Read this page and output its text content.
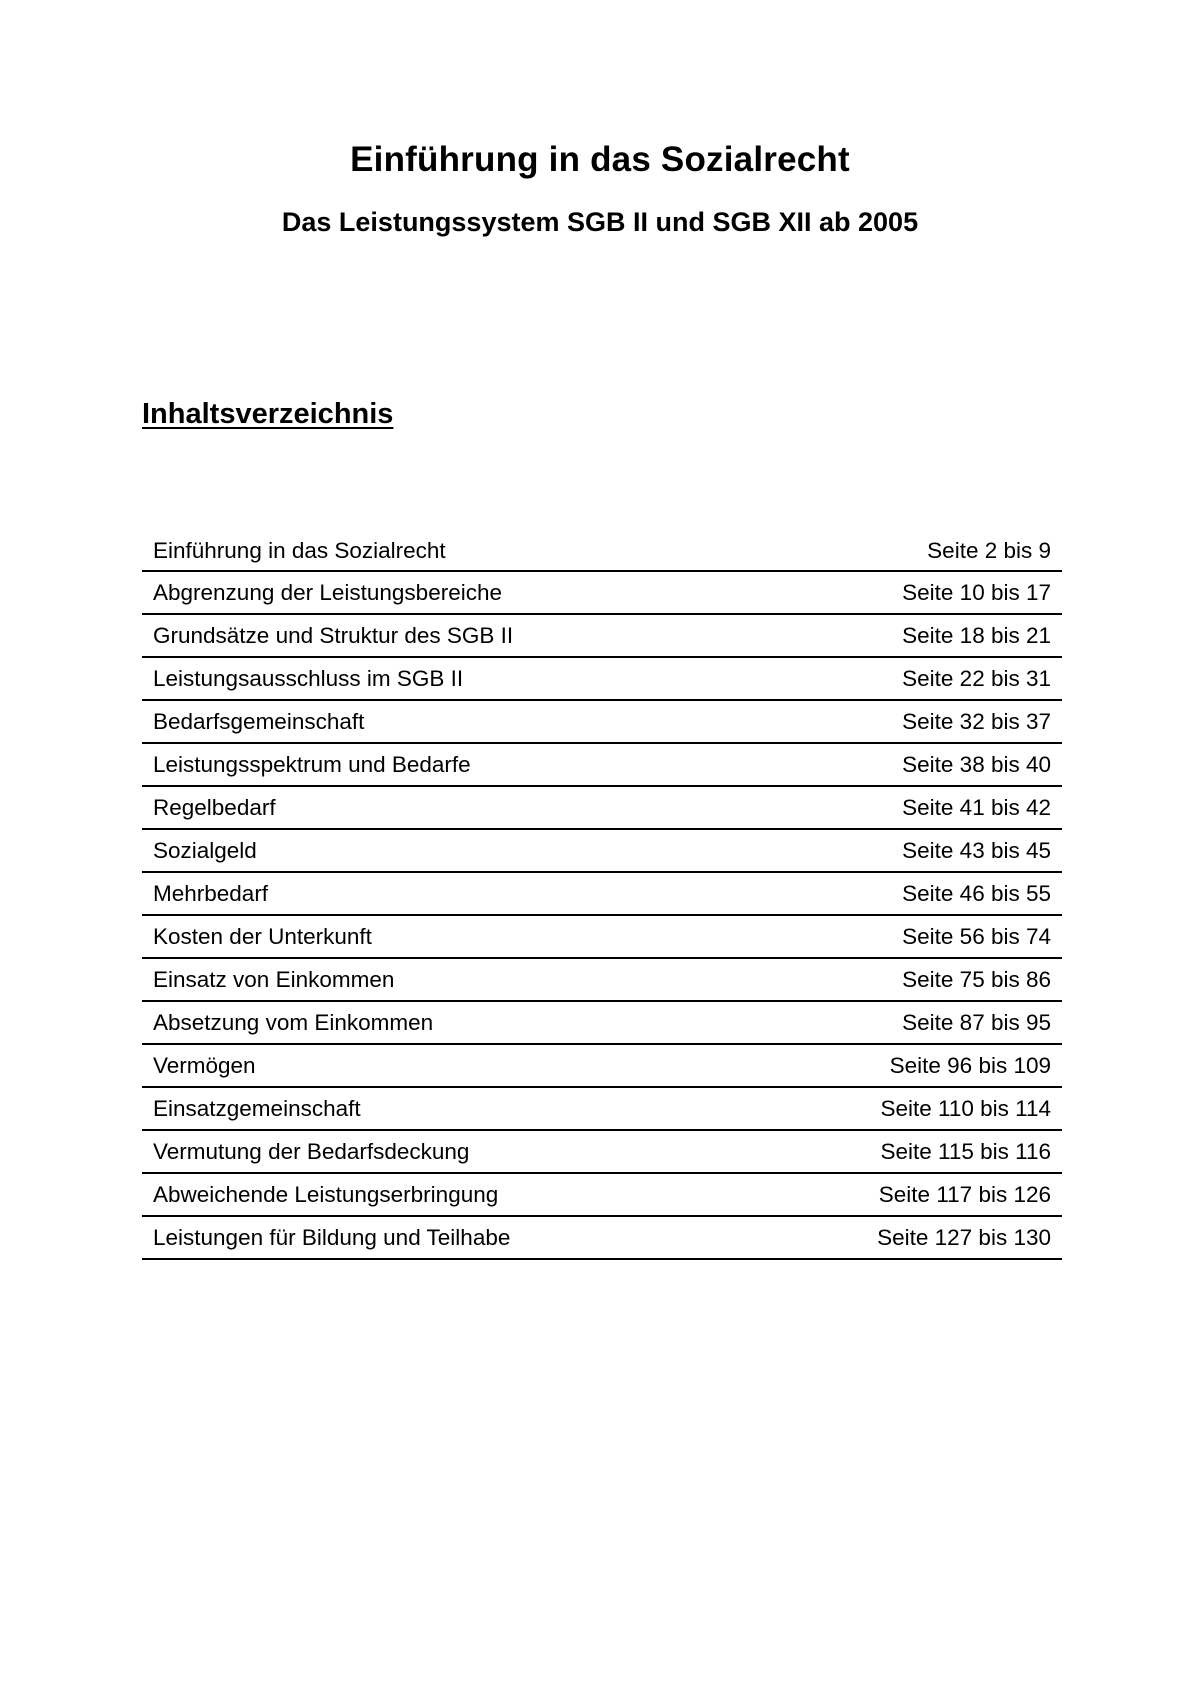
Einführung in das Sozialrecht
Das Leistungssystem SGB II und SGB XII ab 2005
Inhaltsverzeichnis
Einführung in das Sozialrecht	Seite 2 bis 9
Abgrenzung der Leistungsbereiche	Seite 10 bis 17
Grundsätze und Struktur des SGB II	Seite 18 bis 21
Leistungsausschluss im SGB II	Seite 22 bis 31
Bedarfsgemeinschaft	Seite 32 bis 37
Leistungsspektrum und Bedarfe	Seite 38 bis 40
Regelbedarf	Seite 41 bis 42
Sozialgeld	Seite 43 bis 45
Mehrbedarf	Seite 46 bis 55
Kosten der Unterkunft	Seite 56 bis 74
Einsatz von Einkommen	Seite 75 bis 86
Absetzung vom Einkommen	Seite 87 bis 95
Vermögen	Seite 96 bis 109
Einsatzgemeinschaft	Seite 110 bis 114
Vermutung der Bedarfsdeckung	Seite 115 bis 116
Abweichende Leistungserbringung	Seite 117 bis 126
Leistungen für Bildung und Teilhabe	Seite 127 bis 130
